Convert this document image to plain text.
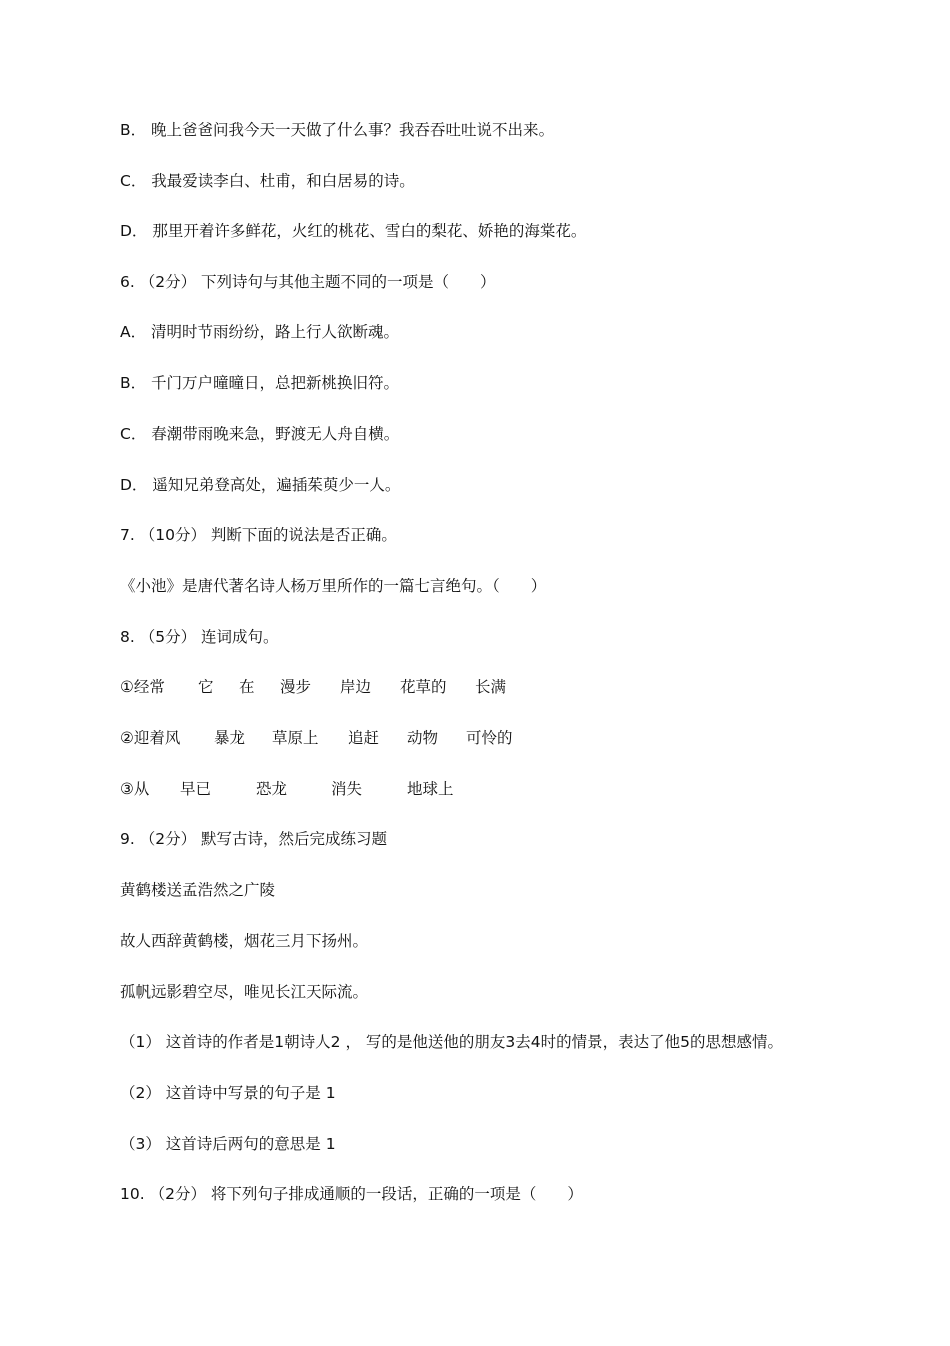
B． 晚上爸爸问我今天一天做了什么事？我吞吞吐吐说不出来。
C． 我最爱读李白、杜甫，和白居易的诗。
D． 那里开着许多鲜花，火红的桃花、雪白的梨花、娇艳的海棠花。
6. （2分） 下列诗句与其他主题不同的一项是（　　）
A． 清明时节雨纷纷，路上行人欲断魂。
B． 千门万户曈曈日，总把新桃换旧符。
C． 春潮带雨晚来急，野渡无人舟自横。
D． 遥知兄弟登高处，遍插茱萸少一人。
7. （10分） 判断下面的说法是否正确。
《小池》是唐代著名诗人杨万里所作的一篇七言绝句。（　　）
8. （5分） 连词成句。
①经常 它 在 漫步 岸边 花草的 长满
②迎着风 暴龙 草原上 追赶 动物 可怜的
③从 早已	恐龙	消失	地球上
9. （2分） 默写古诗，然后完成练习题
黄鹤楼送孟浩然之广陵
故人西辞黄鹤楼，烟花三月下扬州。
孤帆远影碧空尽，唯见长江天际流。
（1） 这首诗的作者是1朝诗人2 ， 写的是他送他的朋友3去4时的情景，表达了他5的思想感情。
（2） 这首诗中写景的句子是 1
（3） 这首诗后两句的意思是 1
10. （2分） 将下列句子排成通顺的一段话，正确的一项是（　　）
